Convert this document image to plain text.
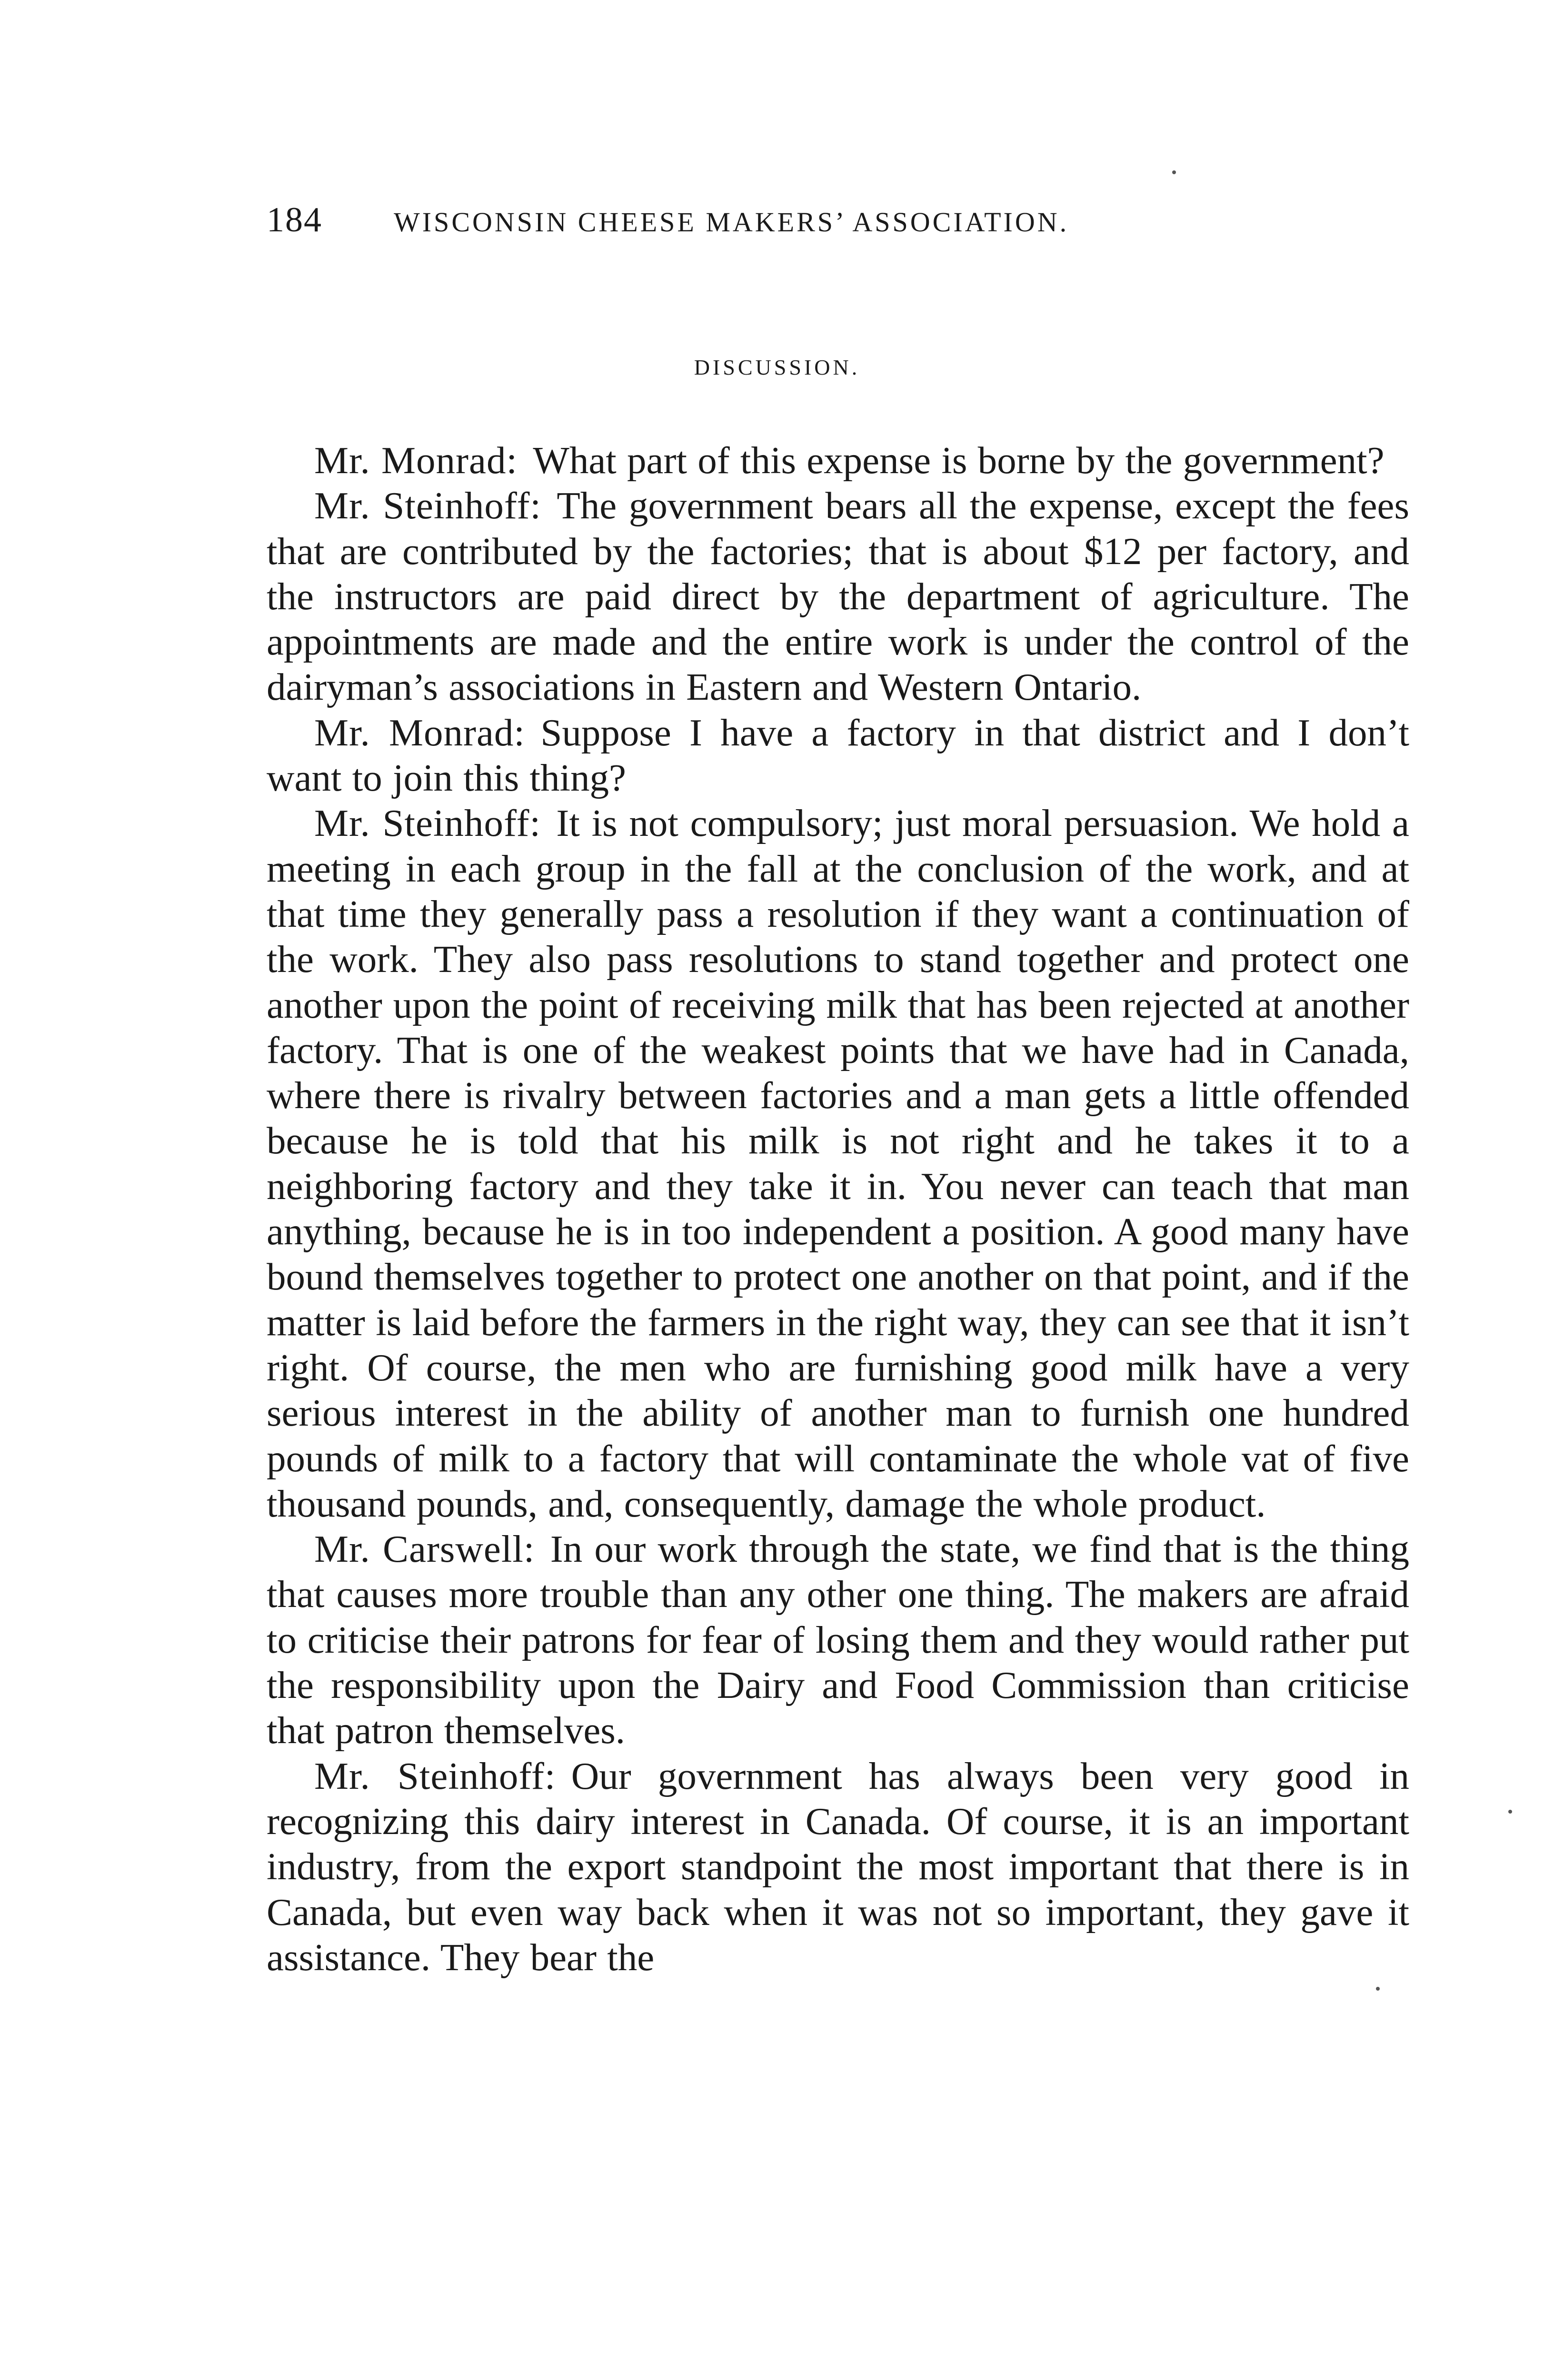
184	WISCONSIN CHEESE MAKERS’ ASSOCIATION.
DISCUSSION.

Mr. Monrad: What part of this expense is borne by the government?

Mr. Steinhoff: The government bears all the expense, except the fees that are contributed by the factories; that is about $12 per factory, and the instructors are paid direct by the department of agriculture. The appointments are made and the entire work is under the control of the dairyman’s associations in Eastern and Western Ontario.

Mr. Monrad: Suppose I have a factory in that district and I don’t want to join this thing?

Mr. Steinhoff: It is not compulsory; just moral persuasion. We hold a meeting in each group in the fall at the conclusion of the work, and at that time they generally pass a resolution if they want a continuation of the work. They also pass resolutions to stand together and protect one another upon the point of receiving milk that has been rejected at another factory. That is one of the weakest points that we have had in Canada, where there is rivalry between factories and a man gets a little offended because he is told that his milk is not right and he takes it to a neighboring factory and they take it in. You never can teach that man anything, because he is in too independent a position. A good many have bound themselves together to protect one another on that point, and if the matter is laid before the farmers in the right way, they can see that it isn’t right. Of course, the men who are furnishing good milk have a very serious interest in the ability of another man to furnish one hundred pounds of milk to a factory that will contaminate the whole vat of five thousand pounds, and, consequently, damage the whole product.

Mr. Carswell: In our work through the state, we find that is the thing that causes more trouble than any other one thing. The makers are afraid to criticise their patrons for fear of losing them and they would rather put the responsibility upon the Dairy and Food Commission than criticise that patron themselves.

Mr. Steinhoff: Our government has always been very good in recognizing this dairy interest in Canada. Of course, it is an important industry, from the export standpoint the most important that there is in Canada, but even way back when it was not so important, they gave it assistance. They bear the
